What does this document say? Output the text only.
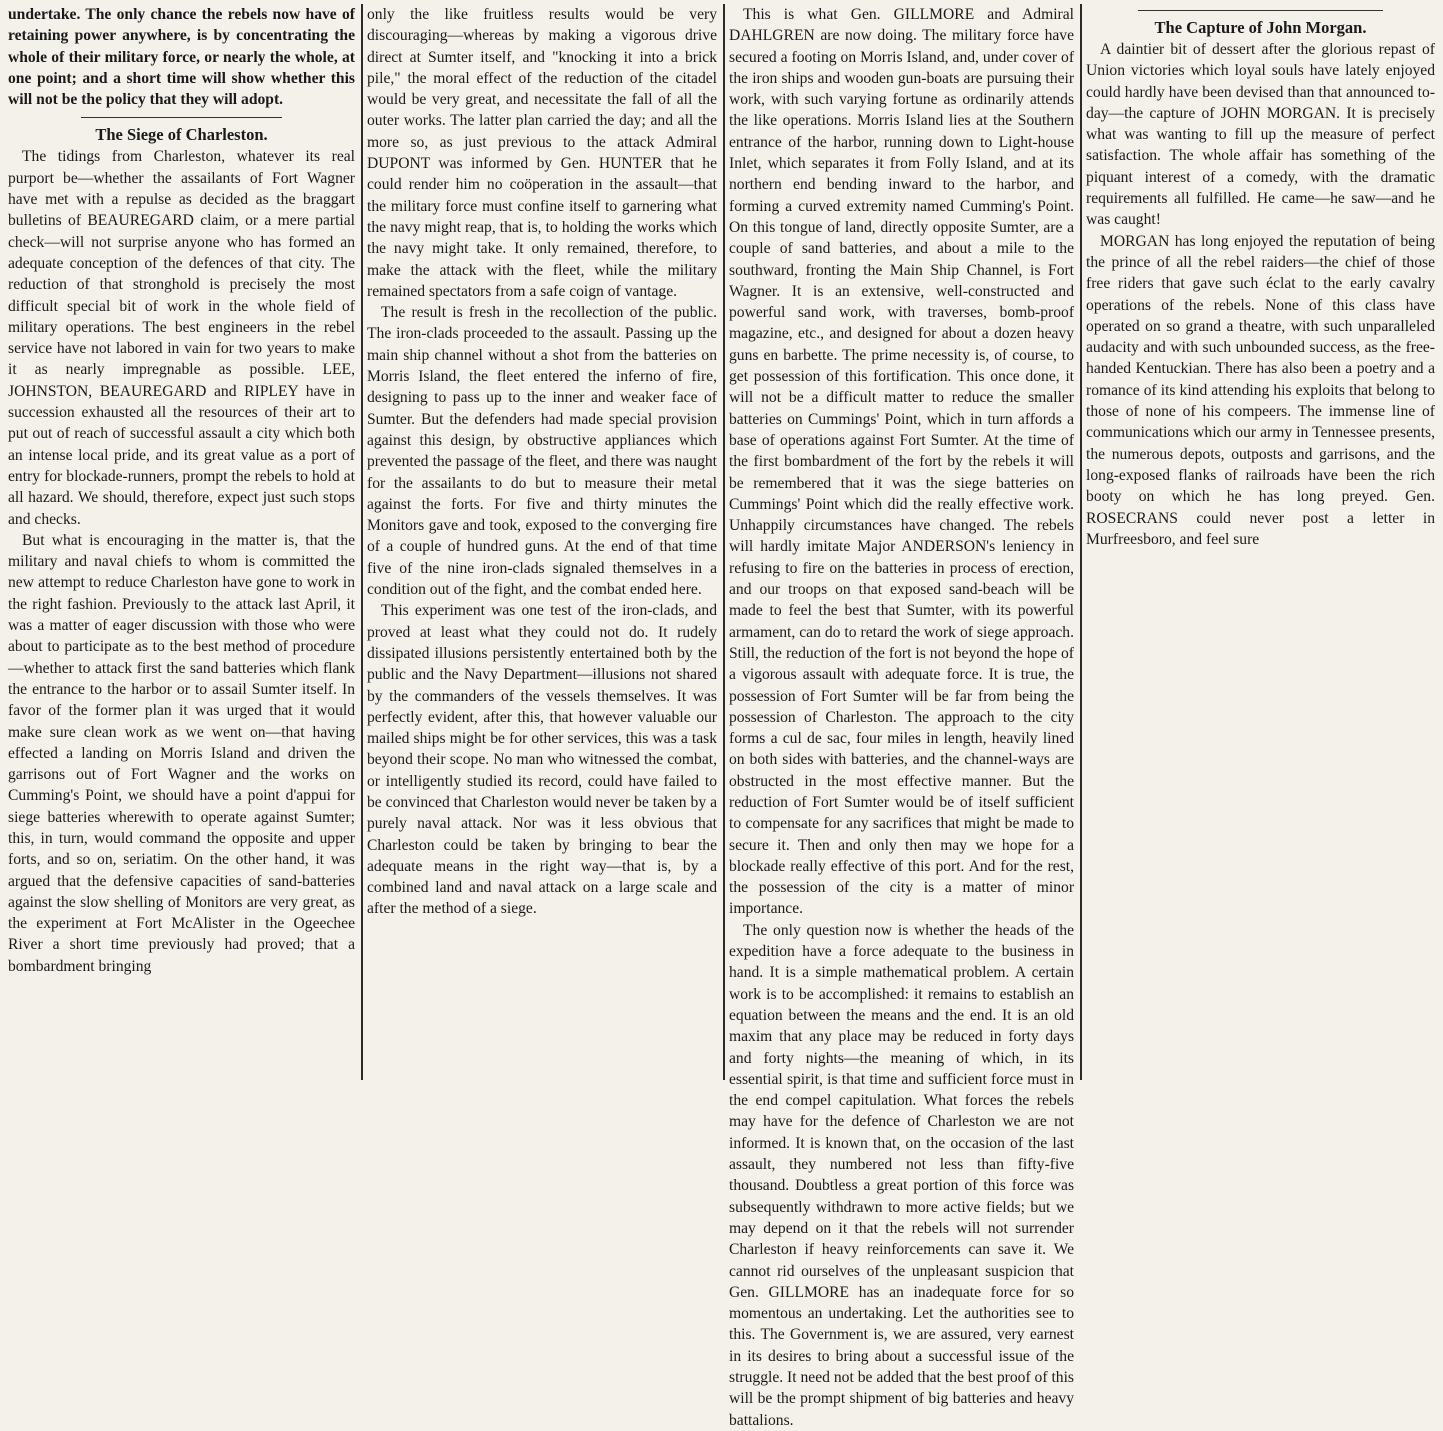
undertake. The only chance the rebels now have of retaining power anywhere, is by concentrating the whole of their military force, or nearly the whole, at one point; and a short time will show whether this will not be the policy that they will adopt.

The Siege of Charleston.

The tidings from Charleston, whatever its real purport be—whether the assailants of Fort Wagner have met with a repulse as decided as the braggart bulletins of BEAUREGARD claim, or a mere partial check—will not surprise anyone who has formed an adequate conception of the defences of that city. The reduction of that stronghold is precisely the most difficult special bit of work in the whole field of military operations. The best engineers in the rebel service have not labored in vain for two years to make it as nearly impregnable as possible. LEE, JOHNSTON, BEAUREGARD and RIPLEY have in succession exhausted all the resources of their art to put out of reach of successful assault a city which both an intense local pride, and its great value as a port of entry for blockade-runners, prompt the rebels to hold at all hazard. We should, therefore, expect just such stops and checks.

But what is encouraging in the matter is, that the military and naval chiefs to whom is committed the new attempt to reduce Charleston have gone to work in the right fashion. Previously to the attack last April, it was a matter of eager discussion with those who were about to participate as to the best method of procedure—whether to attack first the sand batteries which flank the entrance to the harbor or to assail Sumter itself. In favor of the former plan it was urged that it would make sure clean work as we went on—that having effected a landing on Morris Island and driven the garrisons out of Fort Wagner and the works on Cumming's Point, we should have a point d'appui for siege batteries wherewith to operate against Sumter; this, in turn, would command the opposite and upper forts, and so on, seriatim. On the other hand, it was argued that the defensive capacities of sand-batteries against the slow shelling of Monitors are very great, as the experiment at Fort McAlister in the Ogeechee River a short time previously had proved; that a bombardment bringing

only the like fruitless results would be very discouraging—whereas by making a vigorous drive direct at Sumter itself, and "knocking it into a brick pile," the moral effect of the reduction of the citadel would be very great, and necessitate the fall of all the outer works. The latter plan carried the day; and all the more so, as just previous to the attack Admiral DUPONT was informed by Gen. HUNTER that he could render him no coöperation in the assault—that the military force must confine itself to garnering what the navy might reap, that is, to holding the works which the navy might take. It only remained, therefore, to make the attack with the fleet, while the military remained spectators from a safe coign of vantage.

The result is fresh in the recollection of the public. The iron-clads proceeded to the assault. Passing up the main ship channel without a shot from the batteries on Morris Island, the fleet entered the inferno of fire, designing to pass up to the inner and weaker face of Sumter. But the defenders had made special provision against this design, by obstructive appliances which prevented the passage of the fleet, and there was naught for the assailants to do but to measure their metal against the forts. For five and thirty minutes the Monitors gave and took, exposed to the converging fire of a couple of hundred guns. At the end of that time five of the nine iron-clads signaled themselves in a condition out of the fight, and the combat ended here.

This experiment was one test of the iron-clads, and proved at least what they could not do. It rudely dissipated illusions persistently entertained both by the public and the Navy Department—illusions not shared by the commanders of the vessels themselves. It was perfectly evident, after this, that however valuable our mailed ships might be for other services, this was a task beyond their scope. No man who witnessed the combat, or intelligently studied its record, could have failed to be convinced that Charleston would never be taken by a purely naval attack. Nor was it less obvious that Charleston could be taken by bringing to bear the adequate means in the right way—that is, by a combined land and naval attack on a large scale and after the method of a siege.

This is what Gen. GILLMORE and Admiral DAHLGREN are now doing. The military force have secured a footing on Morris Island, and, under cover of the iron ships and wooden gun-boats are pursuing their work, with such varying fortune as ordinarily attends the like operations. Morris Island lies at the Southern entrance of the harbor, running down to Light-house Inlet, which separates it from Folly Island, and at its northern end bending inward to the harbor, and forming a curved extremity named Cumming's Point. On this tongue of land, directly opposite Sumter, are a couple of sand batteries, and about a mile to the southward, fronting the Main Ship Channel, is Fort Wagner. It is an extensive, well-constructed and powerful sand work, with traverses, bomb-proof magazine, etc., and designed for about a dozen heavy guns en barbette. The prime necessity is, of course, to get possession of this fortification. This once done, it will not be a difficult matter to reduce the smaller batteries on Cummings' Point, which in turn affords a base of operations against Fort Sumter. At the time of the first bombardment of the fort by the rebels it will be remembered that it was the siege batteries on Cummings' Point which did the really effective work. Unhappily circumstances have changed. The rebels will hardly imitate Major ANDERSON's leniency in refusing to fire on the batteries in process of erection, and our troops on that exposed sand-beach will be made to feel the best that Sumter, with its powerful armament, can do to retard the work of siege approach. Still, the reduction of the fort is not beyond the hope of a vigorous assault with adequate force. It is true, the possession of Fort Sumter will be far from being the possession of Charleston. The approach to the city forms a cul de sac, four miles in length, heavily lined on both sides with batteries, and the channel-ways are obstructed in the most effective manner. But the reduction of Fort Sumter would be of itself sufficient to compensate for any sacrifices that might be made to secure it. Then and only then may we hope for a blockade really effective of this port. And for the rest, the possession of the city is a matter of minor importance.

The only question now is whether the heads of the expedition have a force adequate to the business in hand. It is a simple mathematical problem. A certain work is to be accomplished: it remains to establish an equation between the means and the end. It is an old maxim that any place may be reduced in forty days and forty nights—the meaning of which, in its essential spirit, is that time and sufficient force must in the end compel capitulation. What forces the rebels may have for the defence of Charleston we are not informed. It is known that, on the occasion of the last assault, they numbered not less than fifty-five thousand. Doubtless a great portion of this force was subsequently withdrawn to more active fields; but we may depend on it that the rebels will not surrender Charleston if heavy reinforcements can save it. We cannot rid ourselves of the unpleasant suspicion that Gen. GILLMORE has an inadequate force for so momentous an undertaking. Let the authorities see to this. The Government is, we are assured, very earnest in its desires to bring about a successful issue of the struggle. It need not be added that the best proof of this will be the prompt shipment of big batteries and heavy battalions.

The Capture of John Morgan.

A daintier bit of dessert after the glorious repast of Union victories which loyal souls have lately enjoyed could hardly have been devised than that announced to-day—the capture of JOHN MORGAN. It is precisely what was wanting to fill up the measure of perfect satisfaction. The whole affair has something of the piquant interest of a comedy, with the dramatic requirements all fulfilled. He came—he saw—and he was caught!

MORGAN has long enjoyed the reputation of being the prince of all the rebel raiders—the chief of those free riders that gave such éclat to the early cavalry operations of the rebels. None of this class have operated on so grand a theatre, with such unparalleled audacity and with such unbounded success, as the free-handed Kentuckian. There has also been a poetry and a romance of its kind attending his exploits that belong to those of none of his compeers. The immense line of communications which our army in Tennessee presents, the numerous depots, outposts and garrisons, and the long-exposed flanks of railroads have been the rich booty on which he has long preyed. Gen. ROSECRANS could never post a letter in Murfreesboro, and feel sure
